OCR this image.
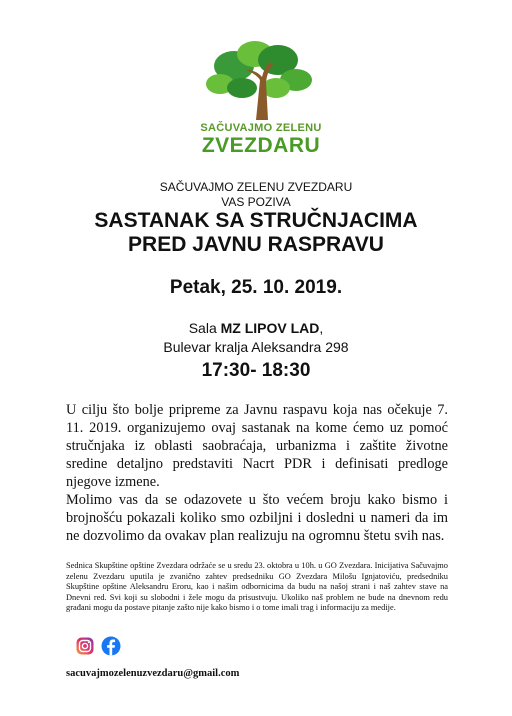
SAČUVAJMO ZELENU
ZVEZDARU
SAČUVAJMO ZELENU ZVEZDARU
VAS POZIVA
SASTANAK SA STRUČNJACIMA
PRED JAVNU RASPRAVU
Petak, 25. 10. 2019.
Sala MZ LIPOV LAD,
Bulevar kralja Aleksandra 298
17:30- 18:30
U cilju što bolje pripreme za Javnu raspavu koja nas očekuje 7. 11. 2019. organizujemo ovaj sastanak na kome ćemo uz pomoć stručnjaka iz oblasti saobraćaja, urbanizma i zaštite životne sredine detaljno predstaviti Nacrt PDR i definisati predloge njegove izmene.
Molimo vas da se odazovete u što većem broju kako bismo i brojnošću pokazali koliko smo ozbiljni i dosledni u nameri da im ne dozvolimo da ovakav plan realizuju na ogromnu štetu svih nas.
Sednica Skupštine opštine Zvezdara održaće se u sredu 23. oktobra u 10h. u GO Zvezdara. Inicijativa Sačuvajmo zelenu Zvezdaru uputila je zvanično zahtev predsedniku GO Zvezdara Milošu Ignjatoviću, predsedniku Skupštine opštine Aleksandru Eroru, kao i našim odbornicima da budu na našoj strani i naš zahtev stave na Dnevni red. Svi koji su slobodni i žele mogu da prisustvuju. Ukoliko naš problem ne bude na dnevnom redu građani mogu da postave pitanje zašto nije kako bismo i o tome imali trag i informaciju za medije.
sacuvajmozelenuzvezdaru@gmail.com
